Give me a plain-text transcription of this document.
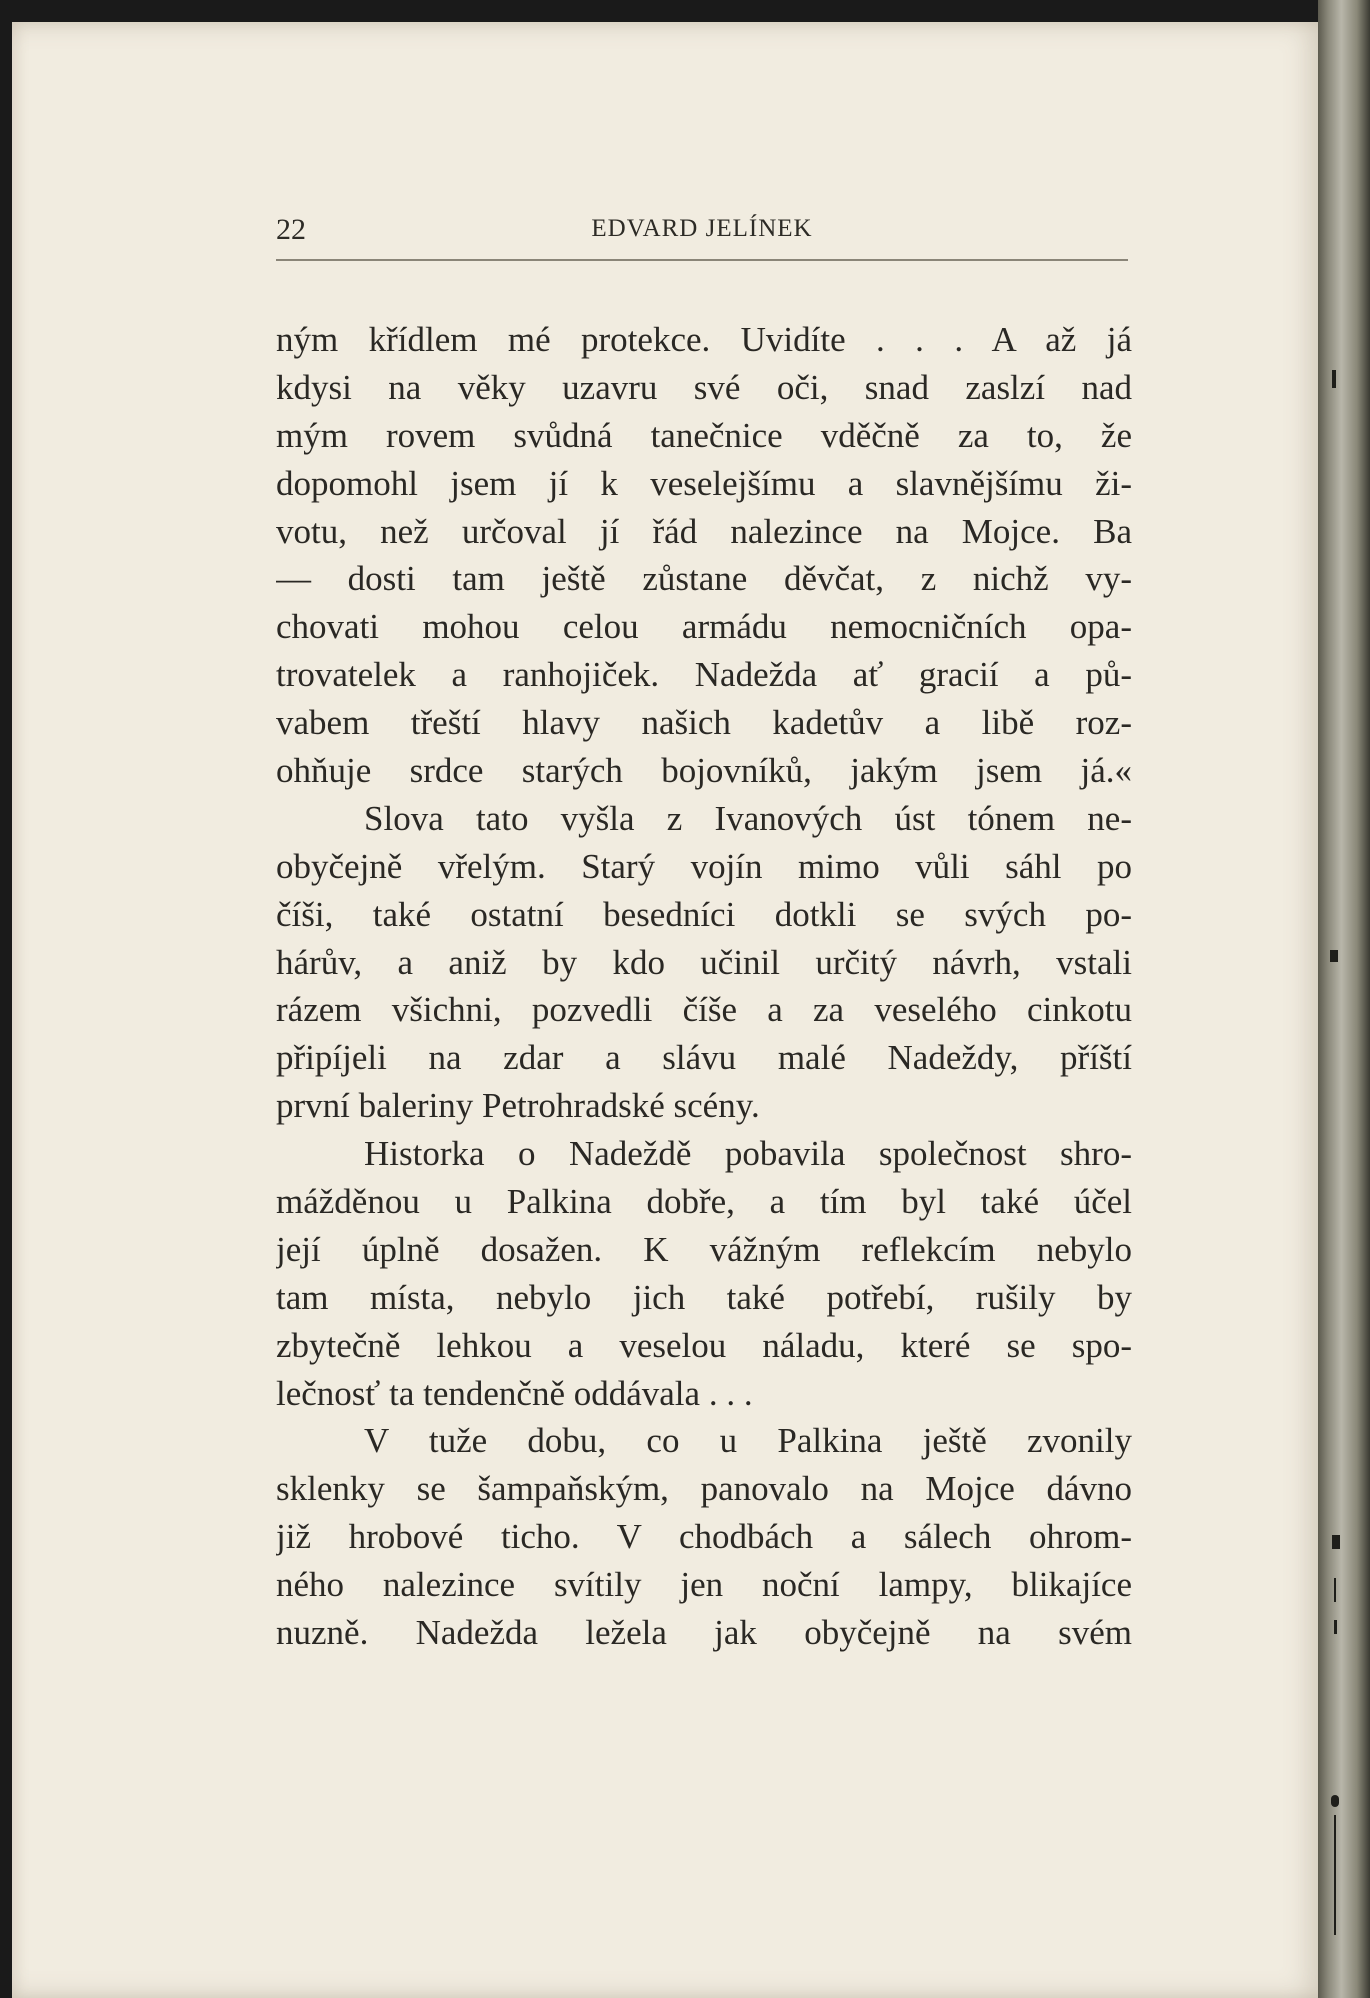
22	EDVARD JELÍNEK
ným křídlem mé protekce. Uvidíte . . . A až já
kdysi na věky uzavru své oči, snad zaslzí nad
mým rovem svůdná tanečnice vděčně za to, že
dopomohl jsem jí k veselejšímu a slavnějšímu ži-
votu, než určoval jí řád nalezince na Mojce. Ba
— dosti tam ještě zůstane děvčat, z nichž vy-
chovati mohou celou armádu nemocničních opa-
trovatelek a ranhojiček. Nadežda ať gracií a pů-
vabem třeští hlavy našich kadetův a libě roz-
ohňuje srdce starých bojovníků, jakým jsem já.«
Slova tato vyšla z Ivanových úst tónem ne-
obyčejně vřelým. Starý vojín mimo vůli sáhl po
číši, také ostatní besedníci dotkli se svých po-
hárův, a aniž by kdo učinil určitý návrh, vstali
rázem všichni, pozvedli číše a za veselého cinkotu
připíjeli na zdar a slávu malé Nadeždy, příští
první baleriny Petrohradské scény.
Historka o Nadeždě pobavila společnost shro-
mážděnou u Palkina dobře, a tím byl také účel
její úplně dosažen. K vážným reflekcím nebylo
tam místa, nebylo jich také potřebí, rušily by
zbytečně lehkou a veselou náladu, které se spo-
lečnosť ta tendenčně oddávala . . .
V tuže dobu, co u Palkina ještě zvonily
sklenky se šampaňským, panovalo na Mojce dávno
již hrobové ticho. V chodbách a sálech ohrom-
ného nalezince svítily jen noční lampy, blikajíce
nuzně. Nadežda ležela jak obyčejně na svém
